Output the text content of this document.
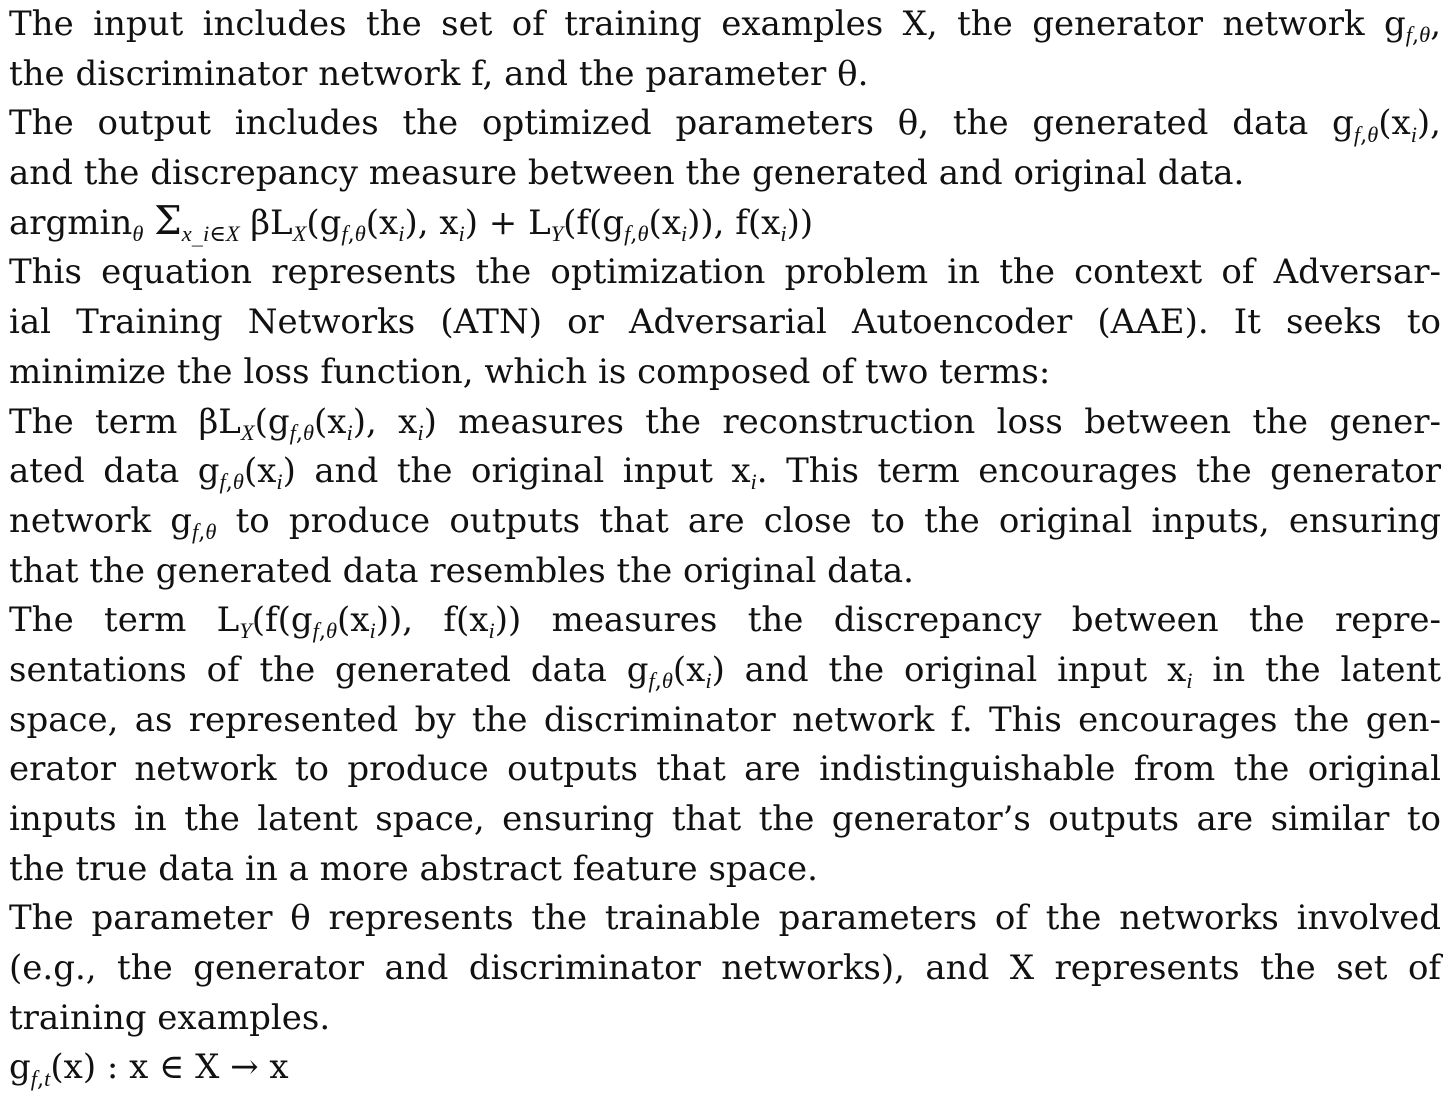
The input includes the set of training examples X, the generator network $g_{f,\theta}$,
the discriminator network f, and the parameter θ.
The output includes the optimized parameters θ, the generated data $g_{f,\theta}(x_i)$,
and the discrepancy measure between the generated and original data.
argmin$_\theta$ $\Sigma_{x\_i\in X}$ $\beta L_X(g_{f,\theta}(x_i)$, $x_i) + L_Y(f(g_{f,\theta}(x_i))$, $f(x_i)$)
This equation represents the optimization problem in the context of Adversar-
ial Training Networks (ATN) or Adversarial Autoencoder (AAE). It seeks to
minimize the loss function, which is composed of two terms:
The term $\beta L_X(g_{f,\theta}(x_i)$, $x_i$) measures the reconstruction loss between the gener-
ated data $g_{f,\theta}(x_i)$ and the original input $x_i$. This term encourages the generator
network $g_{f,\theta}$ to produce outputs that are close to the original inputs, ensuring
that the generated data resembles the original data.
The term $L_Y(f(g_{f,\theta}(x_i))$, $f(x_i)$) measures the discrepancy between the repre-
sentations of the generated data $g_{f,\theta}(x_i)$ and the original input $x_i$ in the latent
space, as represented by the discriminator network f. This encourages the gen-
erator network to produce outputs that are indistinguishable from the original
inputs in the latent space, ensuring that the generator’s outputs are similar to
the true data in a more abstract feature space.
The parameter θ represents the trainable parameters of the networks involved
(e.g., the generator and discriminator networks), and X represents the set of
training examples.
$g_{f,t}(x)$ : x ∈ X → x
